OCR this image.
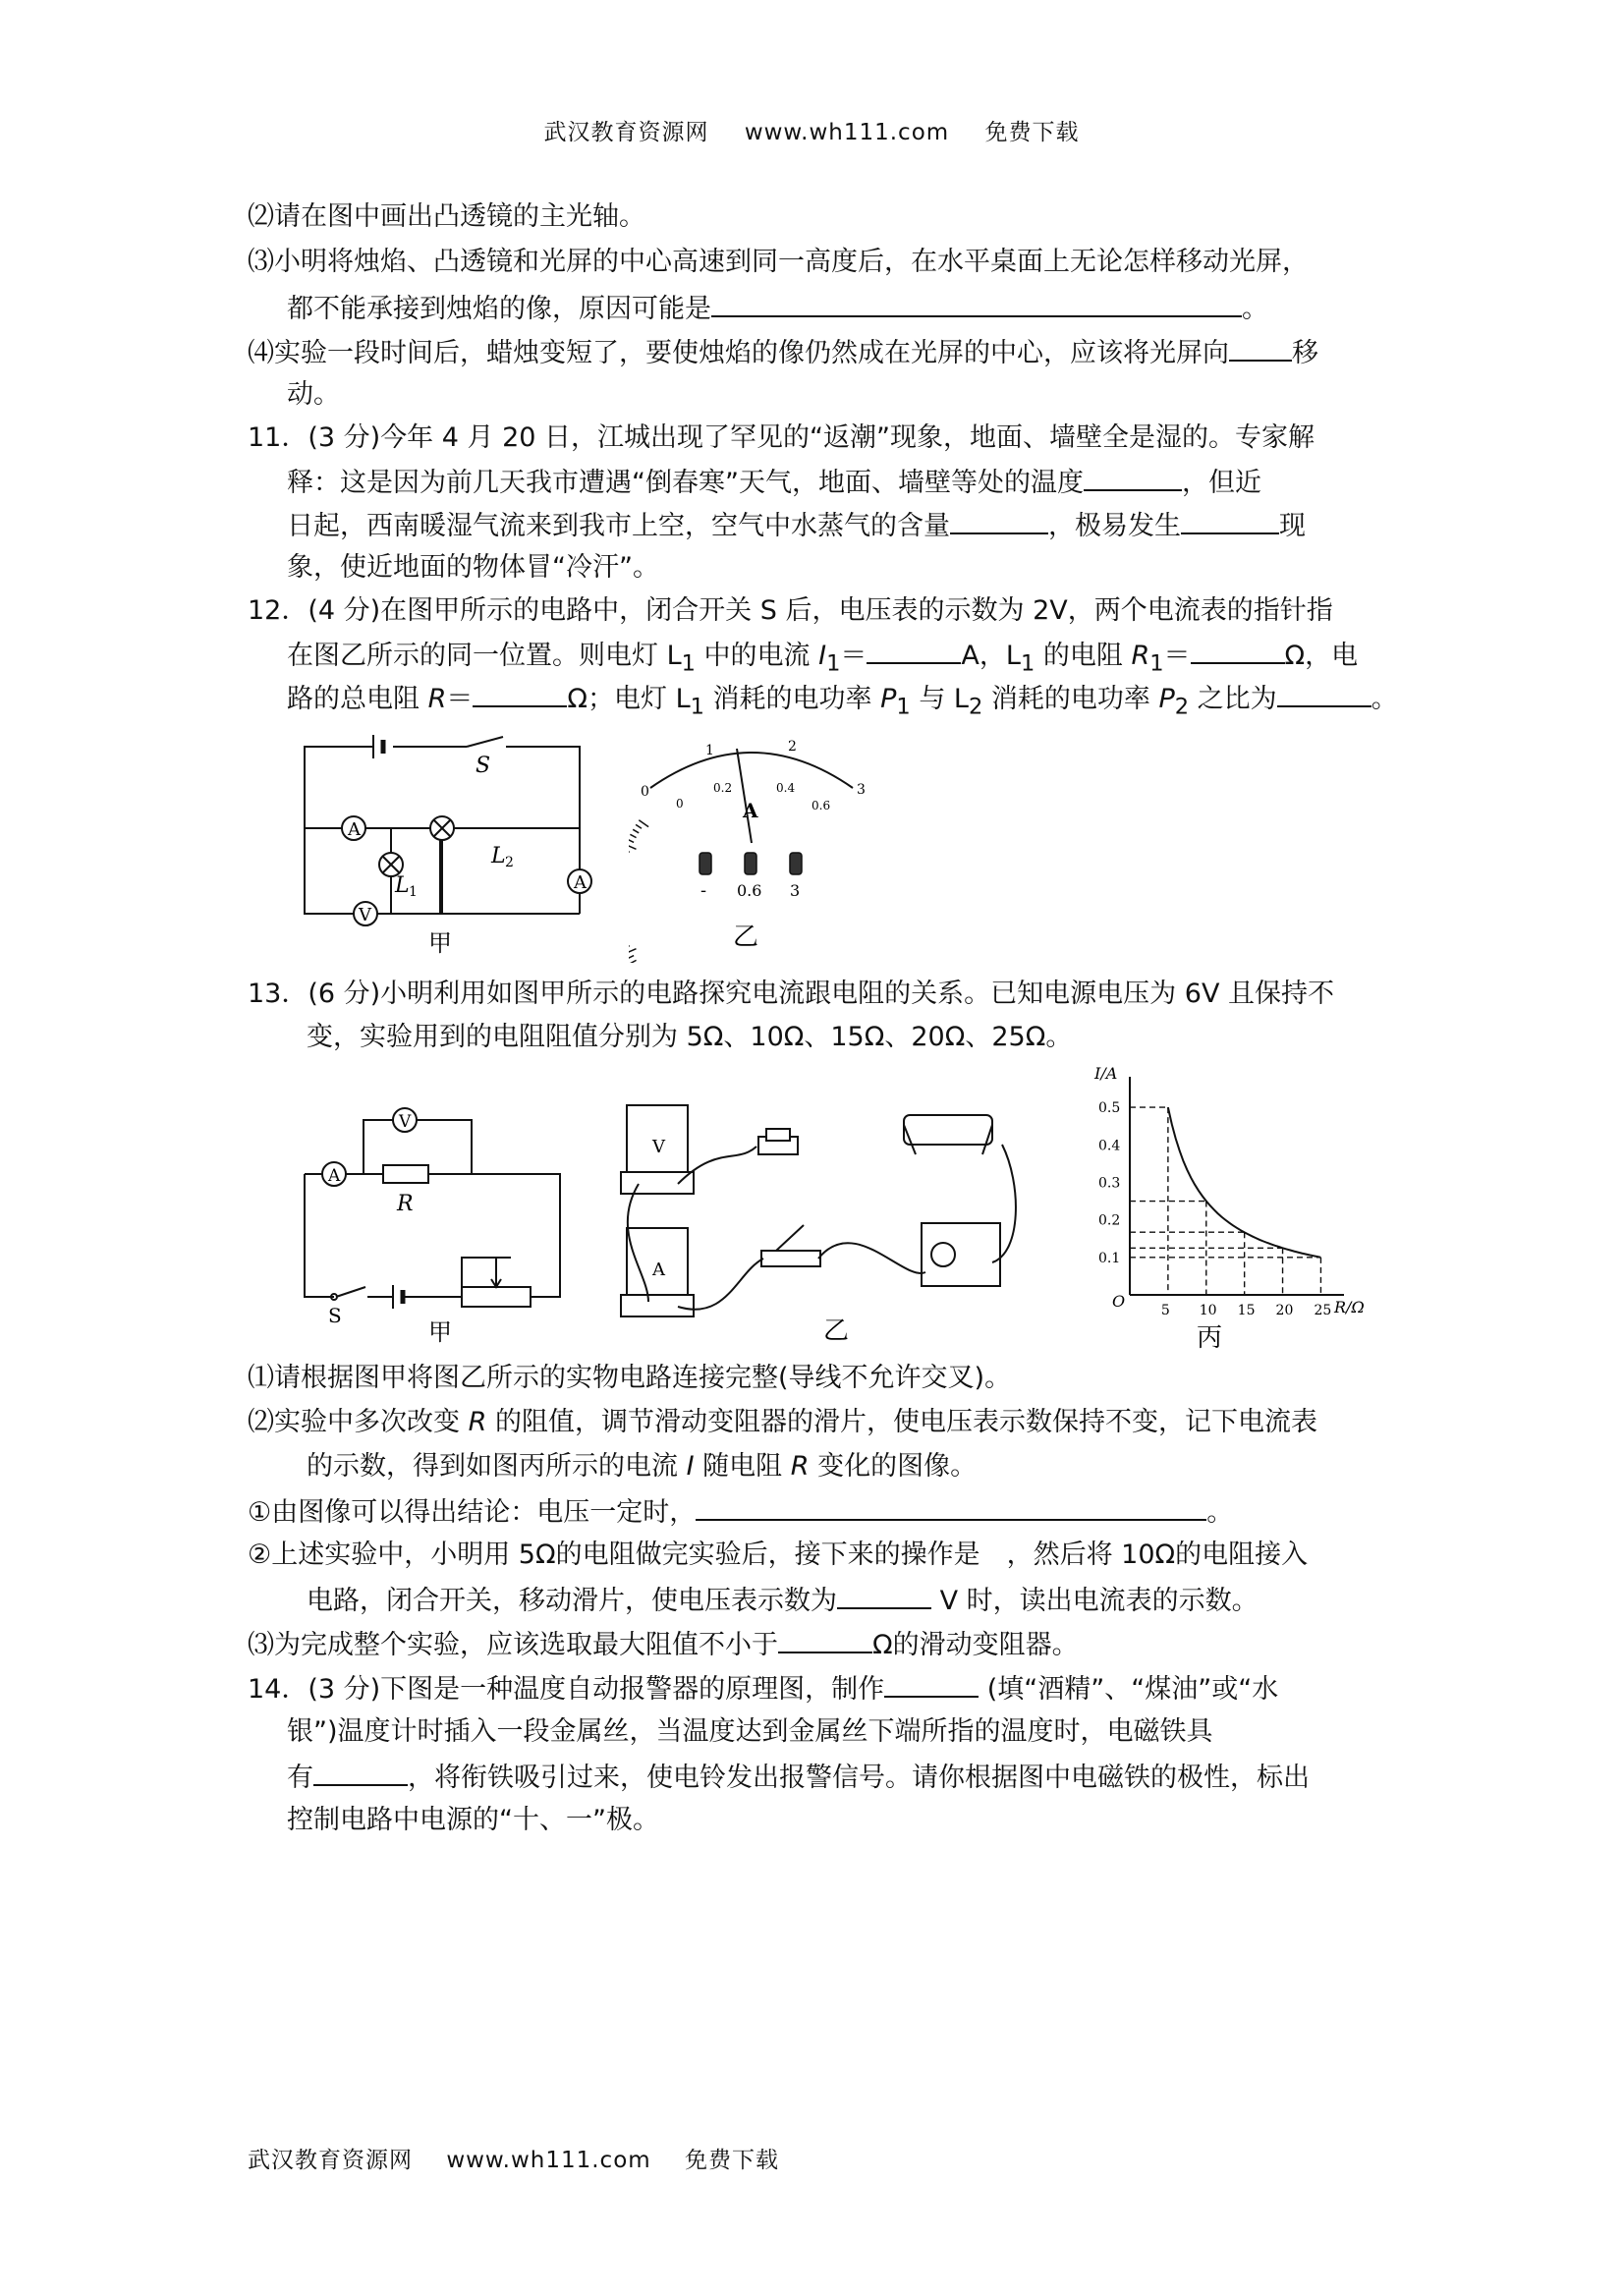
武汉教育资源网 www.wh111.com 免费下载
⑵请在图中画出凸透镜的主光轴。
⑶小明将烛焰、凸透镜和光屏的中心高速到同一高度后，在水平桌面上无论怎样移动光屏，
都不能承接到烛焰的像，原因可能是	。
⑷实验一段时间后，蜡烛变短了，要使烛焰的像仍然成在光屏的中心，应该将光屏向 移
动。
11．(3 分)今年 4 月 20 日，江城出现了罕见的“返潮”现象，地面、墙壁全是湿的。专家解
释：这是因为前几天我市遭遇“倒春寒”天气，地面、墙壁等处的温度	，但近
日起，西南暖湿气流来到我市上空，空气中水蒸气的含量	，极易发生	现
象，使近地面的物体冒“冷汗”。
12．(4 分)在图甲所示的电路中，闭合开关 S 后，电压表的示数为 2V，两个电流表的指针指
在图乙所示的同一位置。则电灯 $L_1$ 中的电流 $I_1=$	A，$L_1$ 的电阻 $R_1=$	Ω，电
路的总电阻 R＝	Ω；电灯 $L_1$ 消耗的电功率 $P_1$ 与 $L_2$ 消耗的电功率 $P_2$ 之比为	。
S
A
A
V
L 1
L 2
甲
0
1	2
3
0
0.2	0.4
0.6
A
- 0.6 3
乙
13．(6 分)小明利用如图甲所示的电路探究电流跟电阻的关系。已知电源电压为 6V 且保持不
变，实验用到的电阻阻值分别为 5Ω、10Ω、15Ω、20Ω、25Ω。
A
V
R
S
甲
V
A
乙
0.1
0.2
0.3
0.4
0.5
5 10 15 20 25
I/A
R/Ω
O
丙
⑴请根据图甲将图乙所示的实物电路连接完整(导线不允许交叉)。
⑵实验中多次改变 R 的阻值，调节滑动变阻器的滑片，使电压表示数保持不变，记下电流表
的示数，得到如图丙所示的电流 I 随电阻 R 变化的图像。
①由图像可以得出结论：电压一定时，	。
②上述实验中，小明用 5Ω的电阻做完实验后，接下来的操作是　，然后将 10Ω的电阻接入
电路，闭合开关，移动滑片，使电压表示数为	V 时，读出电流表的示数。
⑶为完成整个实验，应该选取最大阻值不小于	Ω的滑动变阻器。
14．(3 分)下图是一种温度自动报警器的原理图，制作	(填“酒精”、“煤油”或“水
银”)温度计时插入一段金属丝，当温度达到金属丝下端所指的温度时，电磁铁具
有	，将衔铁吸引过来，使电铃发出报警信号。请你根据图中电磁铁的极性，标出
控制电路中电源的“十、一”极。
武汉教育资源网 www.wh111.com 免费下载
